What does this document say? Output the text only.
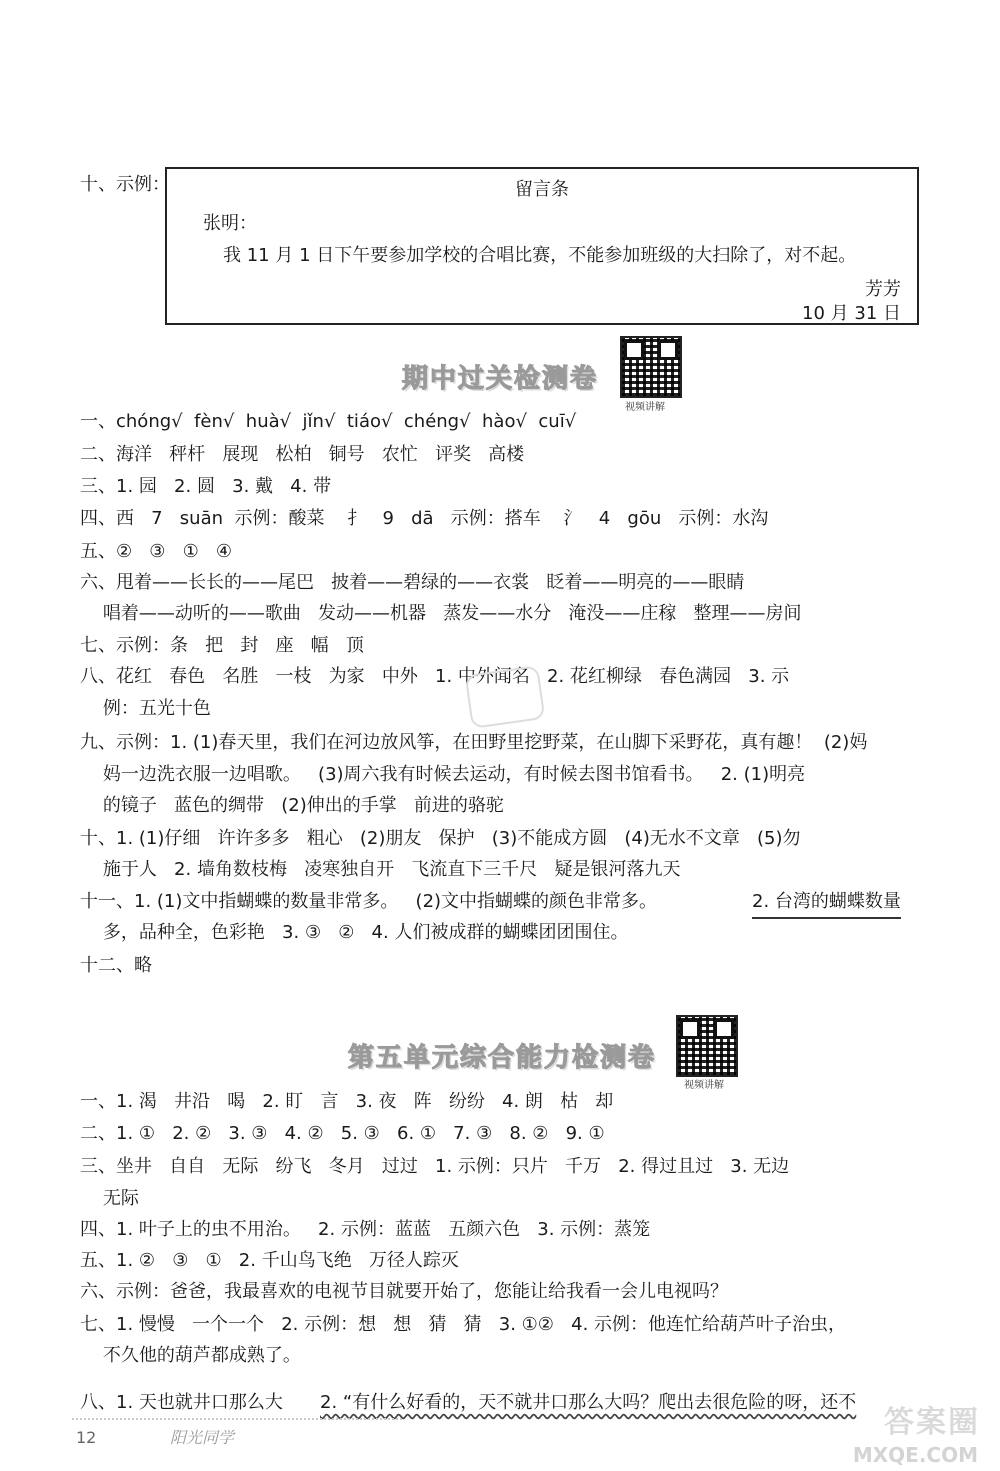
十、示例：	留言条
张明：
我 11 月 1 日下午要参加学校的合唱比赛，不能参加班级的大扫除了，对不起。
芳芳
10 月 31 日
期中过关检测卷
视频讲解
一、chóng√  fèn√  huà√  jǐn√  tiáo√  chéng√  hào√  cuī√
二、海洋   秤杆   展现   松柏   铜号   农忙   评奖   高楼
三、1. 园   2. 圆   3. 戴   4. 带
四、西   7   suān  示例：酸菜    扌   9   dā   示例：搭车    氵   4   gōu   示例：水沟
五、②   ③   ①   ④
六、甩着——长长的——尾巴   披着——碧绿的——衣裳   眨着——明亮的——眼睛
唱着——动听的——歌曲   发动——机器   蒸发——水分   淹没——庄稼   整理——房间
七、示例：条   把   封   座   幅   顶
八、花红   春色   名胜   一枝   为家   中外   1. 中外闻名   2. 花红柳绿   春色满园   3. 示
例：五光十色
九、示例：1. (1)春天里，我们在河边放风筝，在田野里挖野菜，在山脚下采野花，真有趣！  (2)妈
妈一边洗衣服一边唱歌。   (3)周六我有时候去运动，有时候去图书馆看书。   2. (1)明亮
的镜子   蓝色的绸带   (2)伸出的手掌   前进的骆驼
十、1. (1)仔细   许许多多   粗心   (2)朋友   保护   (3)不能成方圆   (4)无水不文章   (5)勿
施于人   2. 墙角数枝梅   凌寒独自开   飞流直下三千尺   疑是银河落九天
十一、1. (1)文中指蝴蝶的数量非常多。   (2)文中指蝴蝶的颜色非常多。
多，品种全，色彩艳   3. ③   ②   4. 人们被成群的蝴蝶团团围住。
十二、略
2. 台湾的蝴蝶数量
第五单元综合能力检测卷
视频讲解
一、1. 渴   井沿   喝   2. 盯   言   3. 夜   阵   纷纷   4. 朗   枯   却
二、1. ①   2. ②   3. ③   4. ②   5. ③   6. ①   7. ③   8. ②   9. ①
三、坐井   自自   无际   纷飞   冬月   过过   1. 示例：只片   千万   2. 得过且过   3. 无边
无际
四、1. 叶子上的虫不用治。   2. 示例：蓝蓝   五颜六色   3. 示例：蒸笼
五、1. ②   ③   ①   2. 千山鸟飞绝   万径人踪灭
六、示例：爸爸，我最喜欢的电视节目就要开始了，您能让给我看一会儿电视吗？
七、1. 慢慢   一个一个   2. 示例：想   想   猜   猜   3. ①②   4. 示例：他连忙给葫芦叶子治虫，
不久他的葫芦都成熟了。
八、1. 天也就井口那么大	2. “有什么好看的，天不就井口那么大吗？爬出去很危险的呀，还不
12	阳光同学	答案圈
MXQE.COM
